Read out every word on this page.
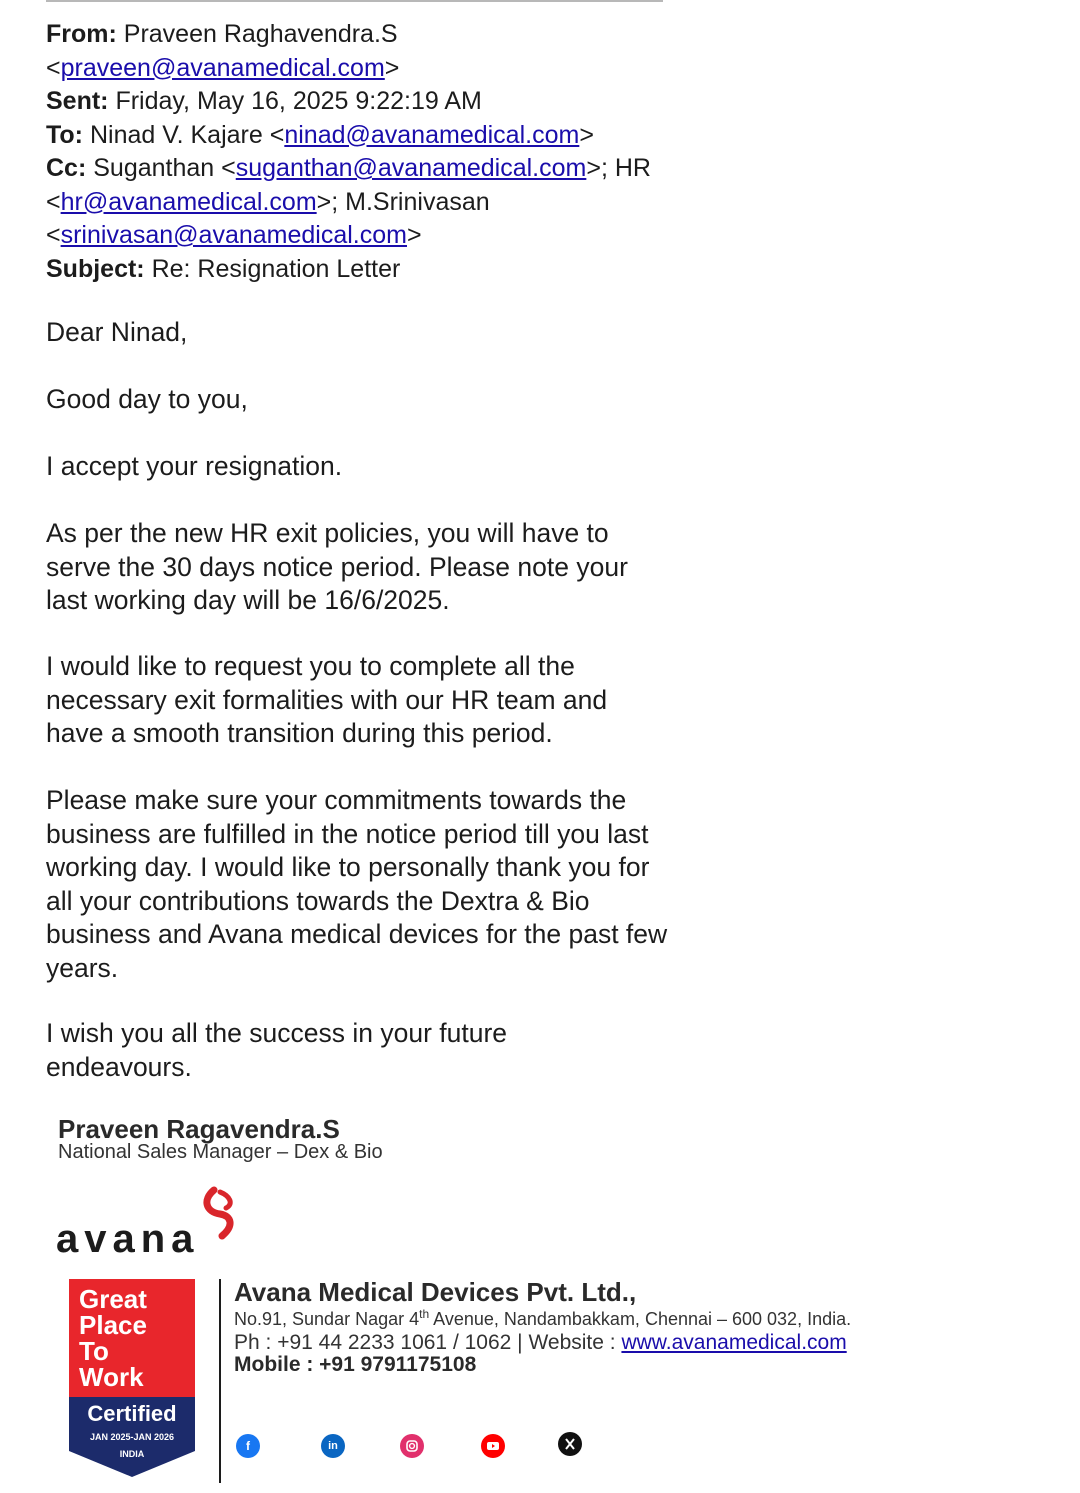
From: Praveen Raghavendra.S
<praveen@avanamedical.com>
Sent: Friday, May 16, 2025 9:22:19 AM
To: Ninad V. Kajare <ninad@avanamedical.com>
Cc: Suganthan <suganthan@avanamedical.com>; HR
<hr@avanamedical.com>; M.Srinivasan
<srinivasan@avanamedical.com>
Subject: Re: Resignation Letter

Dear Ninad,

Good day to you,

I accept your resignation.

As per the new HR exit policies, you will have to serve the 30 days notice period. Please note your last working day will be 16/6/2025.

I would like to request you to complete all the necessary exit formalities with our HR team and have a smooth transition during this period.

Please make sure your commitments towards the business are fulfilled in the notice period till you last working day. I would like to personally thank you for all your contributions towards the Dextra & Bio business and Avana medical devices for the past few years.

I wish you all the success in your future endeavours.

Praveen Ragavendra.S
National Sales Manager – Dex & Bio
avana
Great
Place
To
Work
Certified
JAN 2025-JAN 2026
INDIA
Avana Medical Devices Pvt. Ltd.,
No.91, Sundar Nagar 4th Avenue, Nandambakkam, Chennai – 600 032, India.
Ph : +91 44 2233 1061 / 1062 | Website : www.avanamedical.com
Mobile : +91 9791175108
f	in
